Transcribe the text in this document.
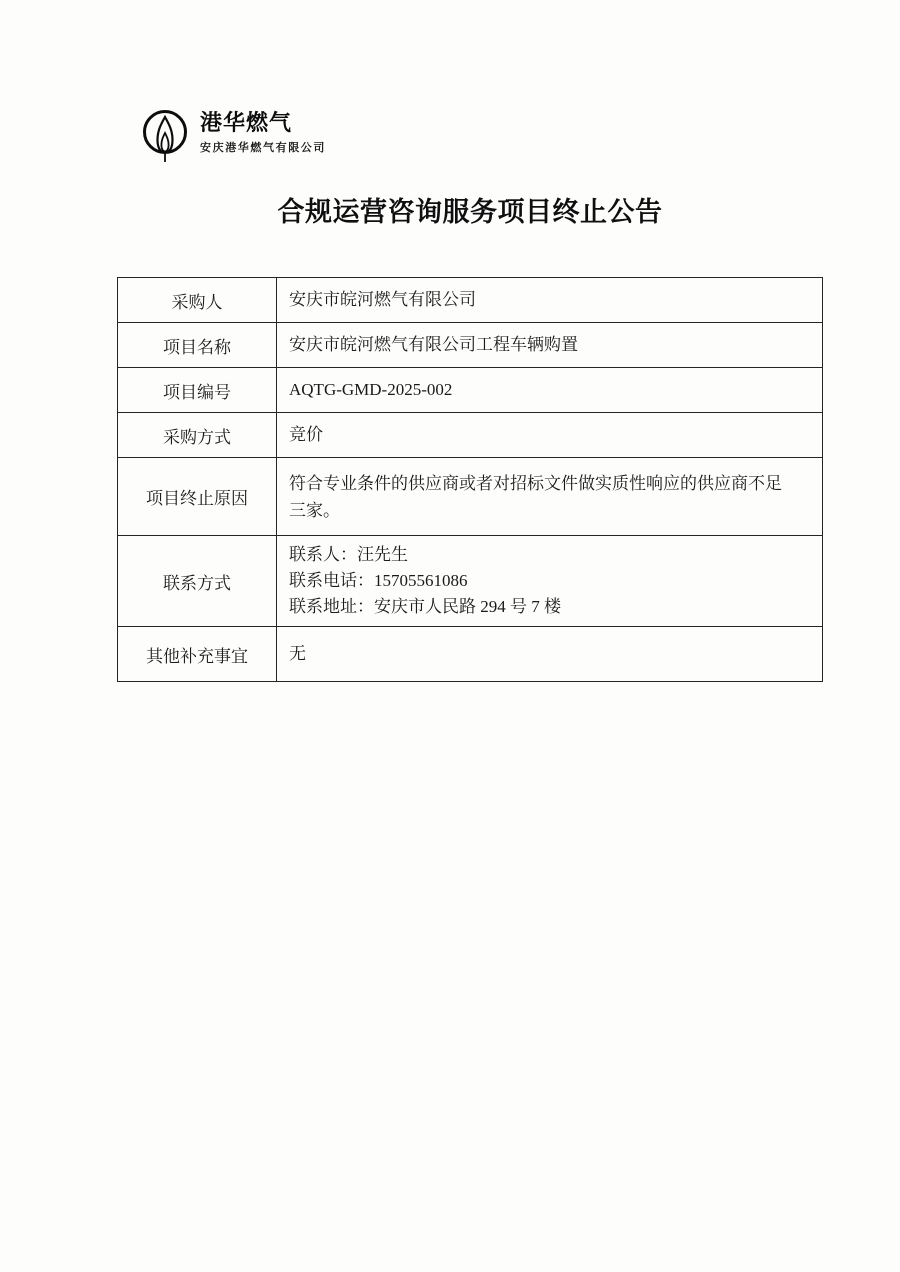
港华燃气
安庆港华燃气有限公司
合规运营咨询服务项目终止公告
采购人	安庆市皖河燃气有限公司

项目名称	安庆市皖河燃气有限公司工程车辆购置

项目编号	AQTG-GMD-2025-002

采购方式	竞价

项目终止原因	符合专业条件的供应商或者对招标文件做实质性响应的供应商不足
三家。

联系方式	联系人：汪先生
联系电话：15705561086
联系地址：安庆市人民路 294 号 7 楼

其他补充事宜	无
